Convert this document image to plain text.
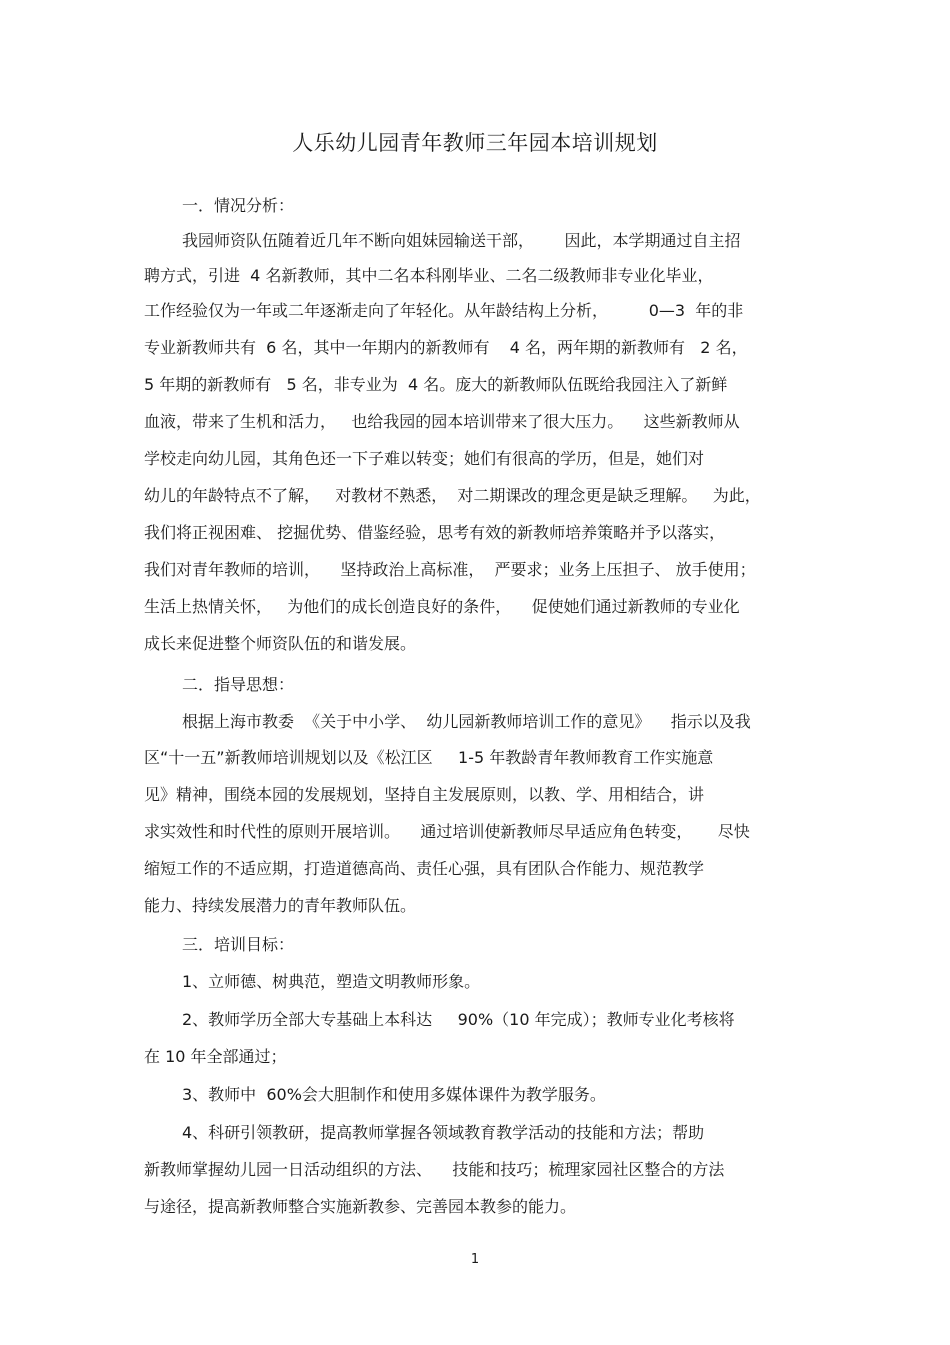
人乐幼儿园青年教师三年园本培训规划

一．情况分析：

我园师资队伍随着近几年不断向姐妹园输送干部，      因此，本学期通过自主招

聘方式，引进  4 名新教师，其中二名本科刚毕业、二名二级教师非专业化毕业，

工作经验仅为一年或二年逐渐走向了年轻化。从年龄结构上分析，        0—3  年的非

专业新教师共有  6 名，其中一年期内的新教师有    4 名，两年期的新教师有   2 名，

5 年期的新教师有   5 名，非专业为  4 名。庞大的新教师队伍既给我园注入了新鲜

血液，带来了生机和活力，   也给我园的园本培训带来了很大压力。    这些新教师从

学校走向幼儿园，其角色还一下子难以转变；她们有很高的学历，但是，她们对

幼儿的年龄特点不了解，   对教材不熟悉，  对二期课改的理念更是缺乏理解。   为此，

我们将正视困难、 挖掘优势、借鉴经验，思考有效的新教师培养策略并予以落实，

我们对青年教师的培训，    坚持政治上高标准，  严要求；业务上压担子、 放手使用；

生活上热情关怀，   为他们的成长创造良好的条件，    促使她们通过新教师的专业化

成长来促进整个师资队伍的和谐发展。

二．指导思想：

根据上海市教委  《关于中小学、  幼儿园新教师培训工作的意见》    指示以及我

区“十一五”新教师培训规划以及《松江区     1-5 年教龄青年教师教育工作实施意

见》精神，围绕本园的发展规划，坚持自主发展原则，以教、学、用相结合，讲

求实效性和时代性的原则开展培训。    通过培训使新教师尽早适应角色转变，     尽快

缩短工作的不适应期，打造道德高尚、责任心强，具有团队合作能力、规范教学

能力、持续发展潜力的青年教师队伍。

三．培训目标：

1、立师德、树典范，塑造文明教师形象。

2、教师学历全部大专基础上本科达     90%（10 年完成）；教师专业化考核将

在 10 年全部通过；

3、教师中  60%会大胆制作和使用多媒体课件为教学服务。

4、科研引领教研，提高教师掌握各领域教育教学活动的技能和方法；帮助

新教师掌握幼儿园一日活动组织的方法、    技能和技巧；梳理家园社区整合的方法

与途径，提高新教师整合实施新教参、完善园本教参的能力。

1
